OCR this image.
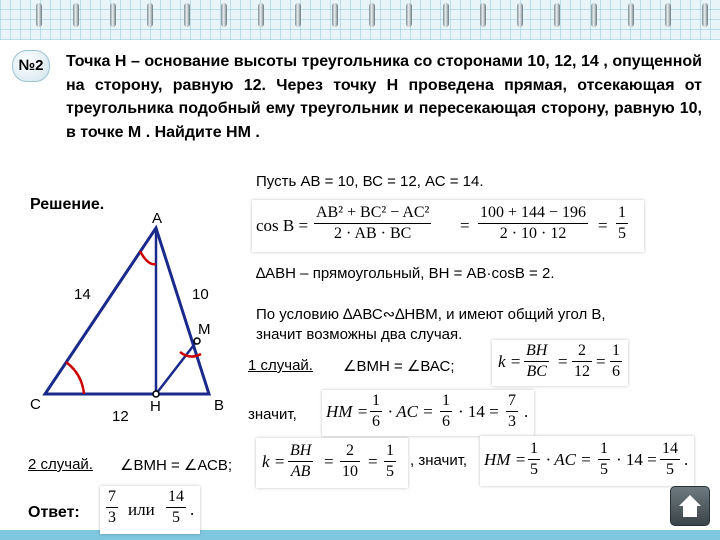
№2	Точка Н – основание высоты треугольника со сторонами 10, 12, 14 , опущенной на сторону, равную 12. Через точку Н проведена прямая, отсекающая от треугольника подобный ему треугольник и пересекающая сторону, равную 10, в точке М . Найдите НМ .
Решение.
Пусть АВ = 10, ВС = 12, АС = 14.
$\cos B = \frac{\text{AB² + BC² − AC²}}{2 \cdot AB \cdot BC} = \frac{100 + 144 - 196}{2 \cdot 10 \cdot 12} = \frac{1}{5}$
∆АВН – прямоугольный, ВН = АВ·cosB = 2.
По условию ∆АВС∾∆НВМ, и имеют общий угол В,
значит возможны два случая.
1 случай. ∠ВМН = ∠ВАС;	$k = \frac{BH}{BC} = \frac{2}{12} = \frac{1}{6}$
значит, HM = $\frac{1}{6}$ · AC = $\frac{1}{6} \cdot 14 = \frac{7}{3}$ .
2 случай. ∠ВМН = ∠АСВ; $k = \frac{BH}{AB} = \frac{2}{10} = \frac{1}{5}$ , значит, HM = $\frac{1}{5}$ · AC = $\frac{1}{5} \cdot 14 = \frac{14}{5}$ .
Ответ: $\frac{7}{3}$ или $\frac{14}{5}$ .
A
B
C	H
M
14	10
12
